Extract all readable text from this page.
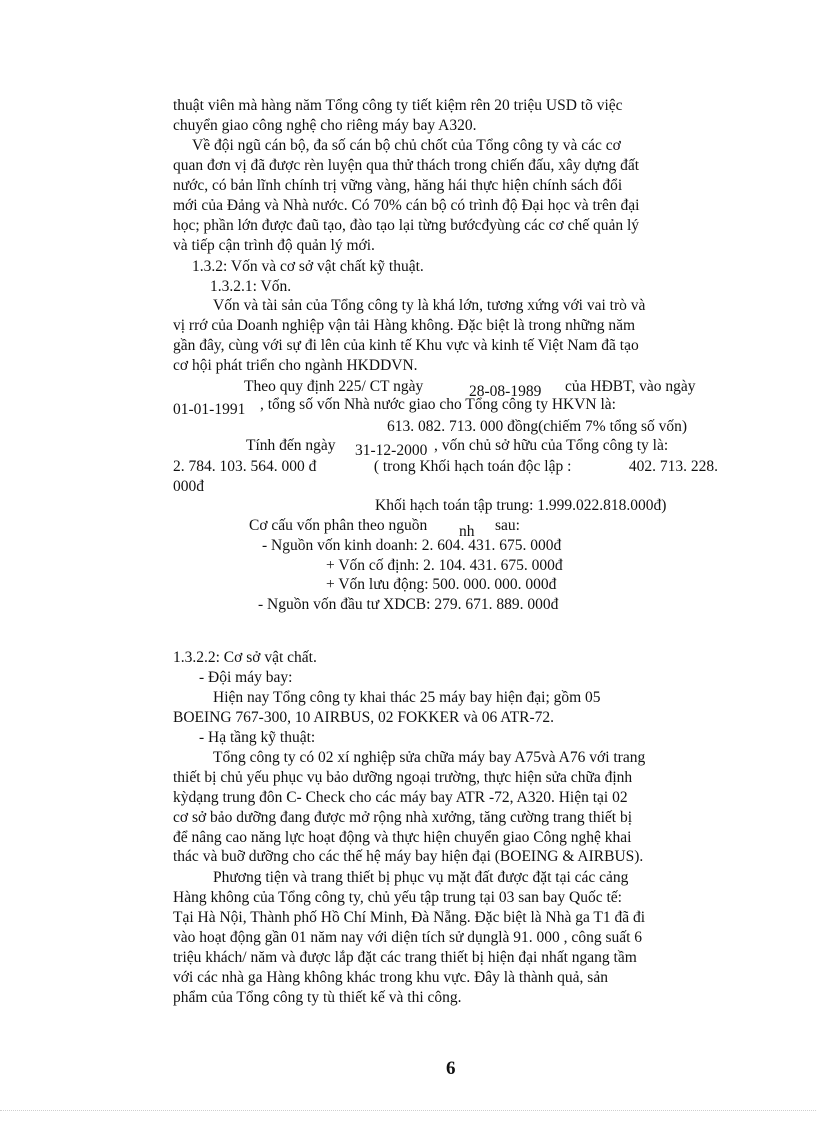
thuật viên mà hàng năm Tổng công ty tiết kiệm rên 20 triệu USD tõ việc
chuyển giao công nghệ cho riêng máy bay A320.
Về đội ngũ cán bộ, đa số cán bộ chủ chốt của Tổng công ty và các cơ
quan đơn vị đã được rèn luyện qua thử thách trong chiến đấu, xây dựng đất
nước, có bản lĩnh chính trị vững vàng, hăng hái thực hiện chính sách đổi
mới của Đảng và Nhà nước. Có 70% cán bộ có trình độ Đại học và trên đại
học; phần lớn được đaũ tạo, đào tạo lại từng bướcđyùng các cơ chế quản lý
và tiếp cận trình độ quản lý mới.
1.3.2: Vốn và cơ sở vật chất kỹ thuật.
1.3.2.1: Vốn.
Vốn và tài sản của Tổng công ty là khá lớn, tương xứng với vai trò và
vị rrớ của Doanh nghiệp vận tải Hàng không. Đặc biệt là trong những năm
gần đây, cùng với sự đi lên của kinh tế Khu vực và kinh tế Việt Nam đã tạo
cơ hội phát triển cho ngành HKDDVN.
Theo quy định 225/ CT ngày	28-08-1989 của HĐBT, vào ngày
01-01-1991 , tổng số vốn Nhà nước giao cho Tổng công ty HKVN là:
613. 082. 713. 000 đồng(chiếm 7% tổng số vốn)
Tính đến ngày 31-12-2000 , vốn chủ sở hữu của Tổng công ty là:
2. 784. 103. 564. 000 đ	( trong Khối hạch toán độc lập :	402. 713. 228.
000đ
Khối hạch toán tập trung: 1.999.022.818.000đ)
Cơ cấu vốn phân theo nguồn nh sau:
- Nguồn vốn kinh doanh: 2. 604. 431. 675. 000đ
+ Vốn cố định: 2. 104. 431. 675. 000đ
+ Vốn lưu động: 500. 000. 000. 000đ
- Nguồn vốn đầu tư XDCB: 279. 671. 889. 000đ
1.3.2.2: Cơ sở vật chất.
- Đội máy bay:
Hiện nay Tổng công ty khai thác 25 máy bay hiện đại; gồm 05
BOEING 767-300, 10 AIRBUS, 02 FOKKER và 06 ATR-72.
- Hạ tầng kỹ thuật:
Tổng công ty có 02 xí nghiệp sửa chữa máy bay A75và A76 với trang
thiết bị chủ yếu phục vụ bảo dưỡng ngoại trường, thực hiện sửa chữa định
kỳdạng trung đôn C- Check cho các máy bay ATR -72, A320. Hiện tại 02
cơ sở bảo dưỡng đang được mở rộng nhà xưởng, tăng cường trang thiết bị
để nâng cao năng lực hoạt động và thực hiện chuyển giao Công nghệ khai
thác và buỡ dưỡng cho các thế hệ máy bay hiện đại (BOEING & AIRBUS).
Phương tiện và trang thiết bị phục vụ mặt đất được đặt tại các cảng
Hàng không của Tổng công ty, chủ yếu tập trung tại 03 san bay Quốc tế:
Tại Hà Nội, Thành phố Hồ Chí Minh, Đà Nẵng. Đặc biệt là Nhà ga T1 đã đi
vào hoạt động gần 01 năm nay với diện tích sử dụnglà 91. 000 , công suất 6
triệu khách/ năm và được lắp đặt các trang thiết bị hiện đại nhất ngang tầm
với các nhà ga Hàng không khác trong khu vực. Đây là thành quả, sản
phẩm của Tổng công ty tù thiết kế và thi công.
6
